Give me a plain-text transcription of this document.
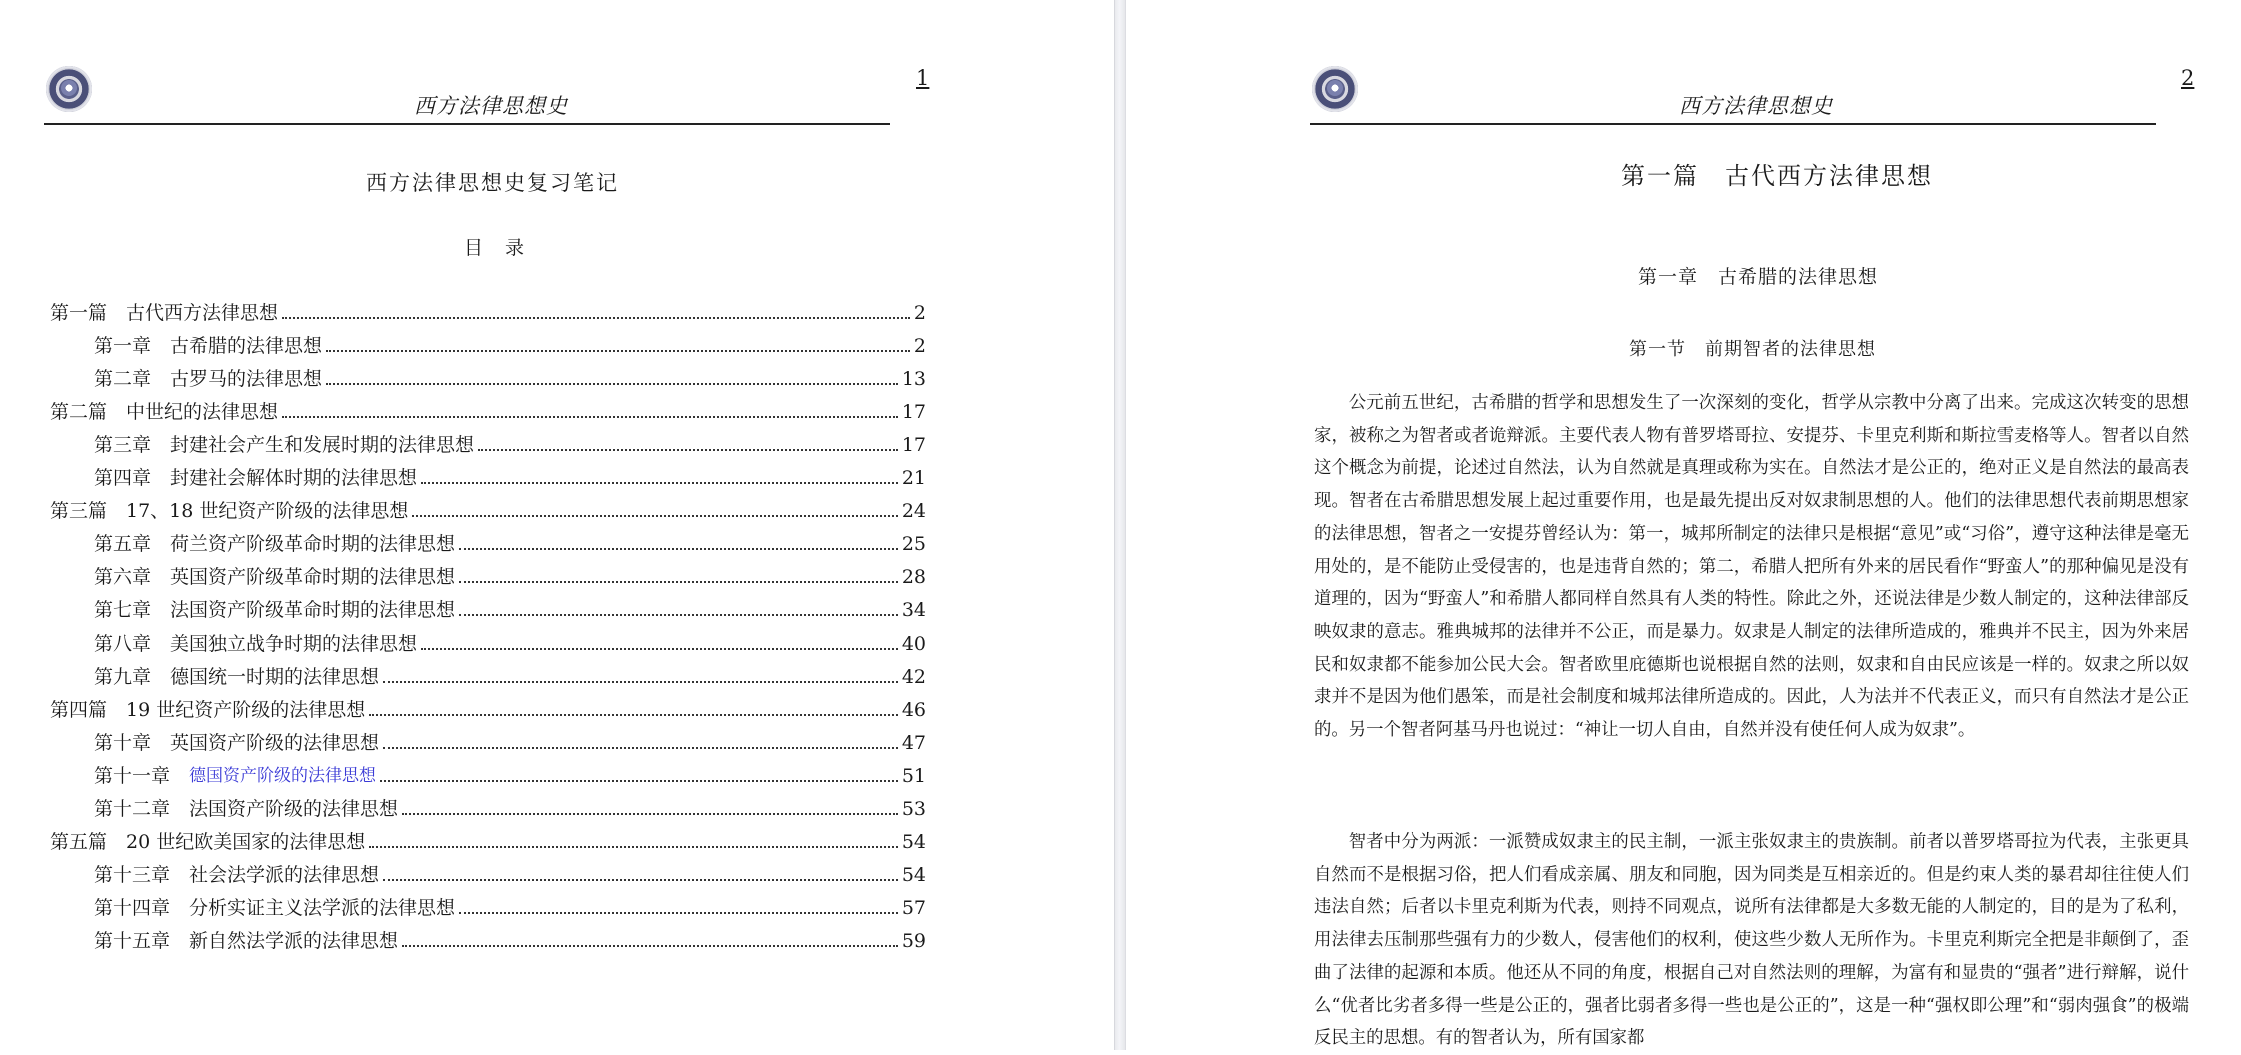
西方法律思想史
1
西方法律思想史复习笔记
目 录
第一篇　古代西方法律思想	2
第一章　古希腊的法律思想	2
第二章　古罗马的法律思想	13
第二篇　中世纪的法律思想	17
第三章　封建社会产生和发展时期的法律思想	17
第四章　封建社会解体时期的法律思想	21
第三篇　17、18 世纪资产阶级的法律思想	24
第五章　荷兰资产阶级革命时期的法律思想	25
第六章　英国资产阶级革命时期的法律思想	28
第七章　法国资产阶级革命时期的法律思想	34
第八章　美国独立战争时期的法律思想	40
第九章　德国统一时期的法律思想	42
第四篇　19 世纪资产阶级的法律思想	46
第十章　英国资产阶级的法律思想	47
第十一章　 德国资产阶级的法律思想	51
第十二章　法国资产阶级的法律思想	53
第五篇　20 世纪欧美国家的法律思想	54
第十三章　社会法学派的法律思想	54
第十四章　分析实证主义法学派的法律思想	57
第十五章　新自然法学派的法律思想	59
西方法律思想史
2
第一篇　古代西方法律思想
第一章　古希腊的法律思想
第一节　前期智者的法律思想

公元前五世纪，古希腊的哲学和思想发生了一次深刻的变化，哲学从宗教中分离了出来。完成这次转变的思想家，被称之为智者或者诡辩派。主要代表人物有普罗塔哥拉、安提芬、卡里克利斯和斯拉雪麦格等人。智者以自然这个概念为前提，论述过自然法，认为自然就是真理或称为实在。自然法才是公正的，绝对正义是自然法的最高表现。智者在古希腊思想发展上起过重要作用，也是最先提出反对奴隶制思想的人。他们的法律思想代表前期思想家的法律思想，智者之一安提芬曾经认为：第一，城邦所制定的法律只是根据“意见”或“习俗”，遵守这种法律是毫无用处的，是不能防止受侵害的，也是违背自然的；第二，希腊人把所有外来的居民看作“野蛮人”的那种偏见是没有道理的，因为“野蛮人”和希腊人都同样自然具有人类的特性。除此之外，还说法律是少数人制定的，这种法律部反映奴隶的意志。雅典城邦的法律并不公正，而是暴力。奴隶是人制定的法律所造成的，雅典并不民主，因为外来居民和奴隶都不能参加公民大会。智者欧里庇德斯也说根据自然的法则，奴隶和自由民应该是一样的。奴隶之所以奴隶并不是因为他们愚笨，而是社会制度和城邦法律所造成的。因此，人为法并不代表正义，而只有自然法才是公正的。另一个智者阿基马丹也说过：“神让一切人自由，自然并没有使任何人成为奴隶”。

智者中分为两派：一派赞成奴隶主的民主制，一派主张奴隶主的贵族制。前者以普罗塔哥拉为代表，主张更具自然而不是根据习俗，把人们看成亲属、朋友和同胞，因为同类是互相亲近的。但是约束人类的暴君却往往使人们违法自然；后者以卡里克利斯为代表，则持不同观点，说所有法律都是大多数无能的人制定的，目的是为了私利，用法律去压制那些强有力的少数人，侵害他们的权利，使这些少数人无所作为。卡里克利斯完全把是非颠倒了，歪曲了法律的起源和本质。他还从不同的角度，根据自己对自然法则的理解，为富有和显贵的“强者”进行辩解，说什么“优者比劣者多得一些是公正的，强者比弱者多得一些也是公正的”，这是一种“强权即公理”和“弱肉强食”的极端反民主的思想。有的智者认为，所有国家都
